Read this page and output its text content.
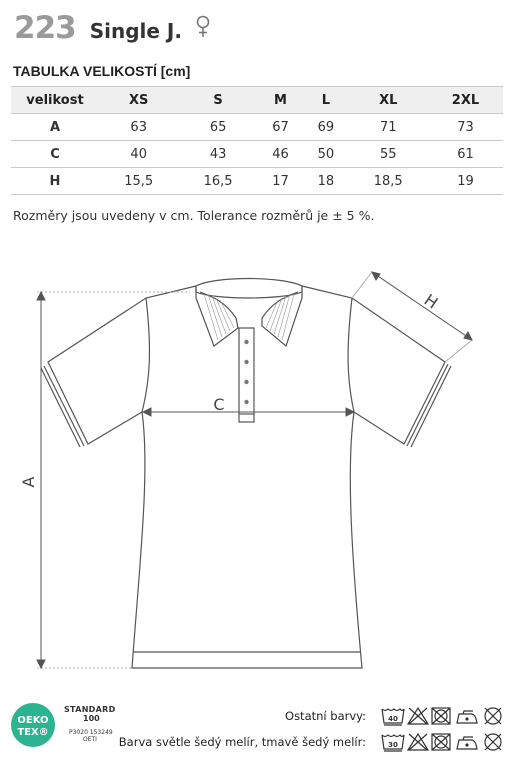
223 Single J.
TABULKA VELIKOSTÍ [cm]
velikost	XS	S	M	L	XL	2XL
A	63	65	67	69	71	73
C	40	43	46	50	55	61
H	15,5	16,5	17	18	18,5	19
Rozměry jsou uvedeny v cm. Tolerance rozměrů je ± 5 %.
A
C
H
OEKO
TEX®
STANDARD
100
P3020 153249
OETI
Ostatní barvy:
Barva světle šedý melír, tmavě šedý melír:
40
30
